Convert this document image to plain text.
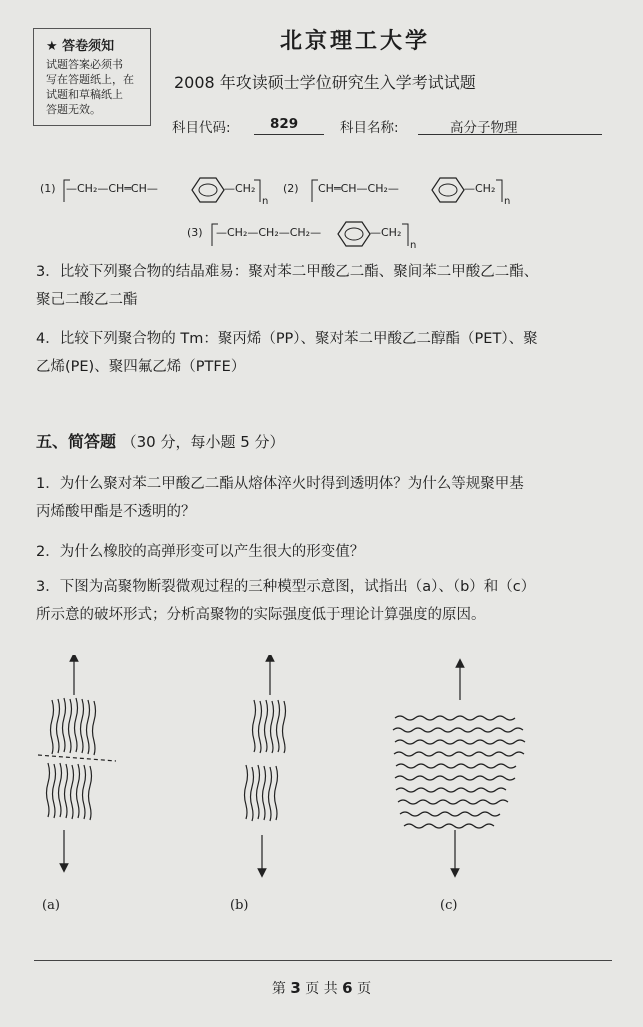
★ 答卷须知
试题答案必须书
写在答题纸上，在
试题和草稿纸上
答题无效。
北京理工大学
2008 年攻读硕士学位研究生入学考试试题
科目代码:	829	科目名称:	高分子物理
(1) —CH₂—CH═CH—	—CH₂
n
(2) CH═CH—CH₂—	—CH₂
n
(3) —CH₂—CH₂—CH₂—	—CH₂
n
3．比较下列聚合物的结晶难易：聚对苯二甲酸乙二酯、聚间苯二甲酸乙二酯、
聚己二酸乙二酯
4．比较下列聚合物的 Tm：聚丙烯（PP）、聚对苯二甲酸乙二醇酯（PET）、聚
乙烯(PE)、聚四氟乙烯（PTFE）
五、简答题 （30 分，每小题 5 分）
1．为什么聚对苯二甲酸乙二酯从熔体淬火时得到透明体？为什么等规聚甲基
丙烯酸甲酯是不透明的？
2．为什么橡胶的高弹形变可以产生很大的形变值？
3．下图为高聚物断裂微观过程的三种模型示意图，试指出（a）、（b）和（c）
所示意的破坏形式；分析高聚物的实际强度低于理论计算强度的原因。
(a)	(b)	(c)
第 3 页 共 6 页
